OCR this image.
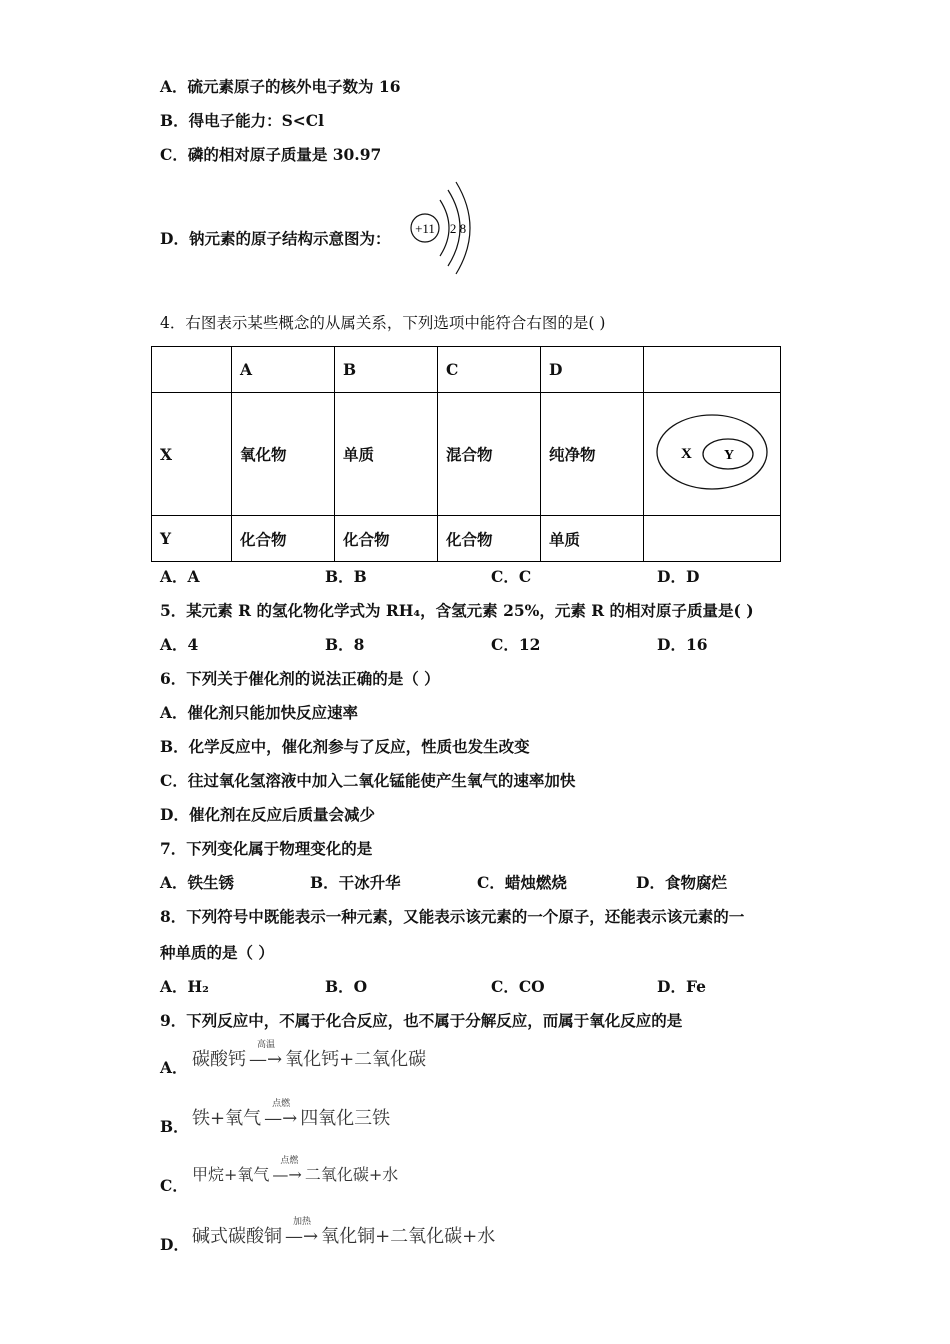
A．硫元素原子的核外电子数为 16
B．得电子能力：S<Cl
C．磷的相对原子质量是 30.97
D．钠元素的原子结构示意图为：
+11 2 8
4．右图表示某些概念的从属关系，下列选项中能符合右图的是( )
	A	B	C	D	
X	氧化物	单质	混合物	纯净物	X Y

Y	化合物	化合物	化合物	单质	
A．A	B．B	C．C	D．D
5．某元素 R 的氢化物化学式为 RH₄，含氢元素 25%，元素 R 的相对原子质量是( )
A．4	B．8	C．12	D．16
6．下列关于催化剂的说法正确的是（ ）
A．催化剂只能加快反应速率
B．化学反应中，催化剂参与了反应，性质也发生改变
C．往过氧化氢溶液中加入二氧化锰能使产生氧气的速率加快
D．催化剂在反应后质量会减少
7．下列变化属于物理变化的是
A．铁生锈	B．干冰升华	C．蜡烛燃烧	D．食物腐烂
8．下列符号中既能表示一种元素，又能表示该元素的一个原子，还能表示该元素的一
种单质的是（ ）
A．H₂	B．O	C．CO	D．Fe
9．下列反应中，不属于化合反应，也不属于分解反应，而属于氧化反应的是
A． 碳酸钙 —
高温
→ 氧化钙+二氧化碳
B． 铁+氧气 —
点燃
→ 四氧化三铁
C．
甲烷+氧气 —
点燃
→ 二氧化碳+水
D． 碱式碳酸铜 —
加热
→ 氧化铜+二氧化碳+水
